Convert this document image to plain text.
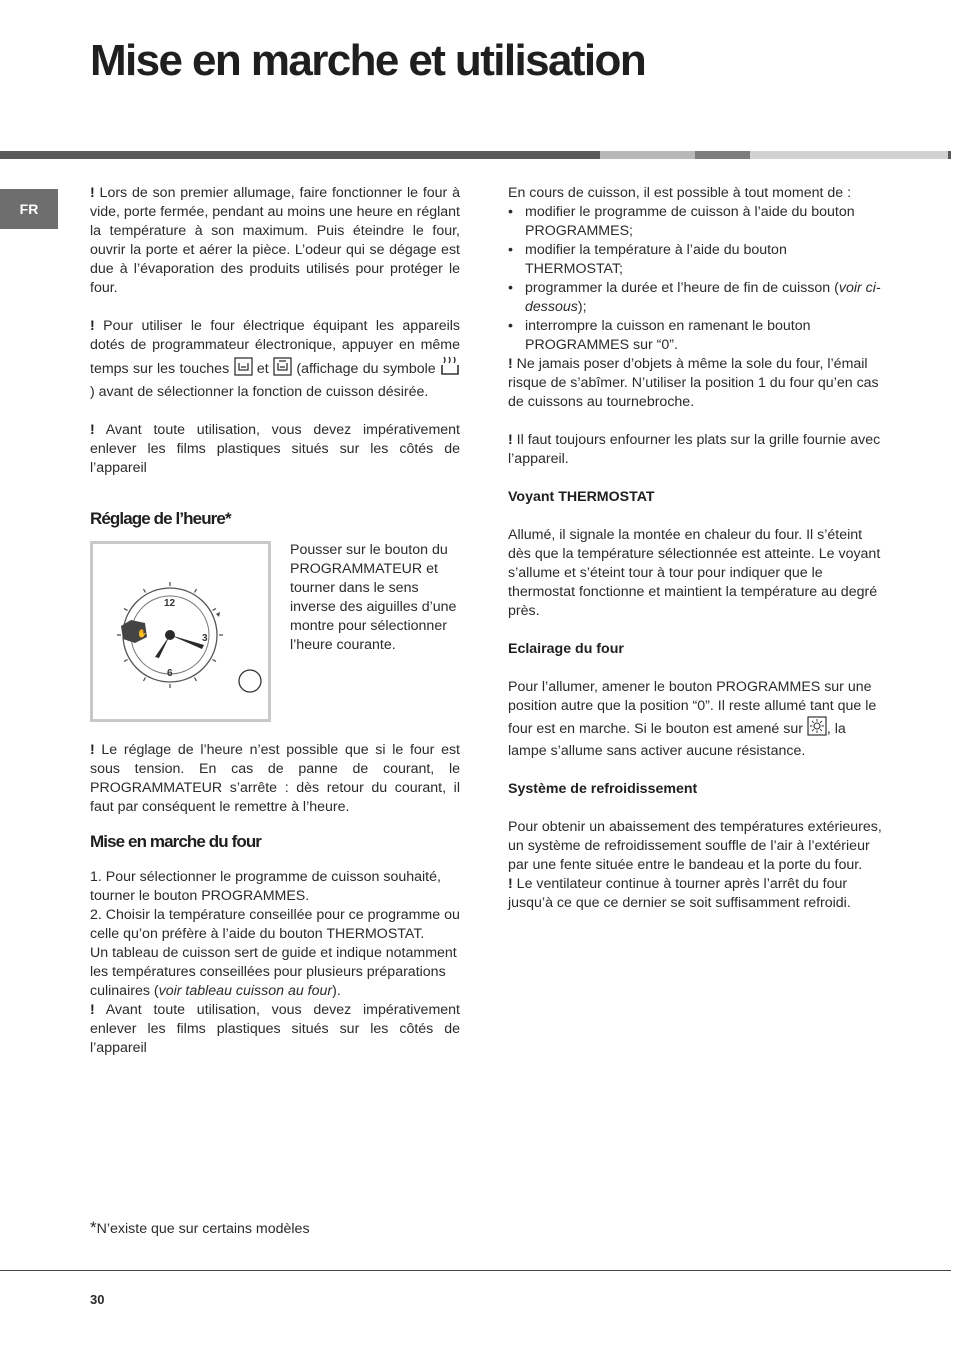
Mise en marche et utilisation
FR

! Lors de son premier allumage, faire fonctionner le four à vide, porte fermée, pendant au moins une heure en réglant la température à son maximum. Puis éteindre le four, ouvrir la porte et aérer la pièce. L’odeur qui se dégage est due à l’évaporation des produits utilisés pour protéger le four.

! Pour utiliser le four électrique équipant les appareils dotés de programmateur électronique, appuyer en même temps sur les touches  et  (affichage du symbole ) avant de sélectionner la fonction de cuisson désirée.

! Avant toute utilisation, vous devez impérativement enlever les films plastiques situés sur les côtés de l’appareil

Réglage de l’heure*

✋
12
3
6

Pousser sur le bouton du PROGRAMMATEUR et tourner dans le sens inverse des aiguilles d’une montre pour sélectionner l’heure courante.

! Le réglage de l’heure n’est possible que si le four est sous tension. En cas de panne de courant, le PROGRAMMATEUR s’arrête : dès retour du courant, il faut par conséquent le remettre à l’heure.

Mise en marche du four

1. Pour sélectionner le programme de cuisson souhaité, tourner le bouton PROGRAMMES.

2. Choisir la température conseillée pour ce programme ou celle qu’on préfère à l’aide du bouton THERMOSTAT.

Un tableau de cuisson sert de guide et indique notamment les températures conseillées pour plusieurs préparations culinaires (voir tableau cuisson au four).

! Avant toute utilisation, vous devez impérativement enlever les films plastiques situés sur les côtés de l’appareil

En cours de cuisson, il est possible à tout moment de :

• modifier le programme de cuisson à l’aide du bouton PROGRAMMES;
• modifier la température à l’aide du bouton THERMOSTAT;
• programmer la durée et l’heure de fin de cuisson (voir ci-dessous);
• interrompre la cuisson en ramenant le bouton PROGRAMMES sur “0”.

! Ne jamais poser d’objets à même la sole du four, l’émail risque de s’abîmer. N’utiliser la position 1 du four qu’en cas de cuissons au tournebroche.

! Il faut toujours enfourner les plats sur la grille fournie avec l’appareil.

Voyant THERMOSTAT

Allumé, il signale la montée en chaleur du four. Il s’éteint dès que la température sélectionnée est atteinte. Le voyant s’allume et s’éteint tour à tour pour indiquer que le thermostat fonctionne et maintient la température au degré près.

Eclairage du four

Pour l’allumer, amener le bouton PROGRAMMES sur une position autre que la position “0”. Il reste allumé tant que le four est en marche. Si le bouton est amené sur , la lampe s’allume sans activer aucune résistance.

Système de refroidissement

Pour obtenir un abaissement des températures extérieures, un système de refroidissement souffle de l’air à l’extérieur par une fente située entre le bandeau et la porte du four.

! Le ventilateur continue à tourner après l’arrêt du four jusqu’à ce que ce dernier se soit suffisamment refroidi.

*N’existe que sur certains modèles
30
